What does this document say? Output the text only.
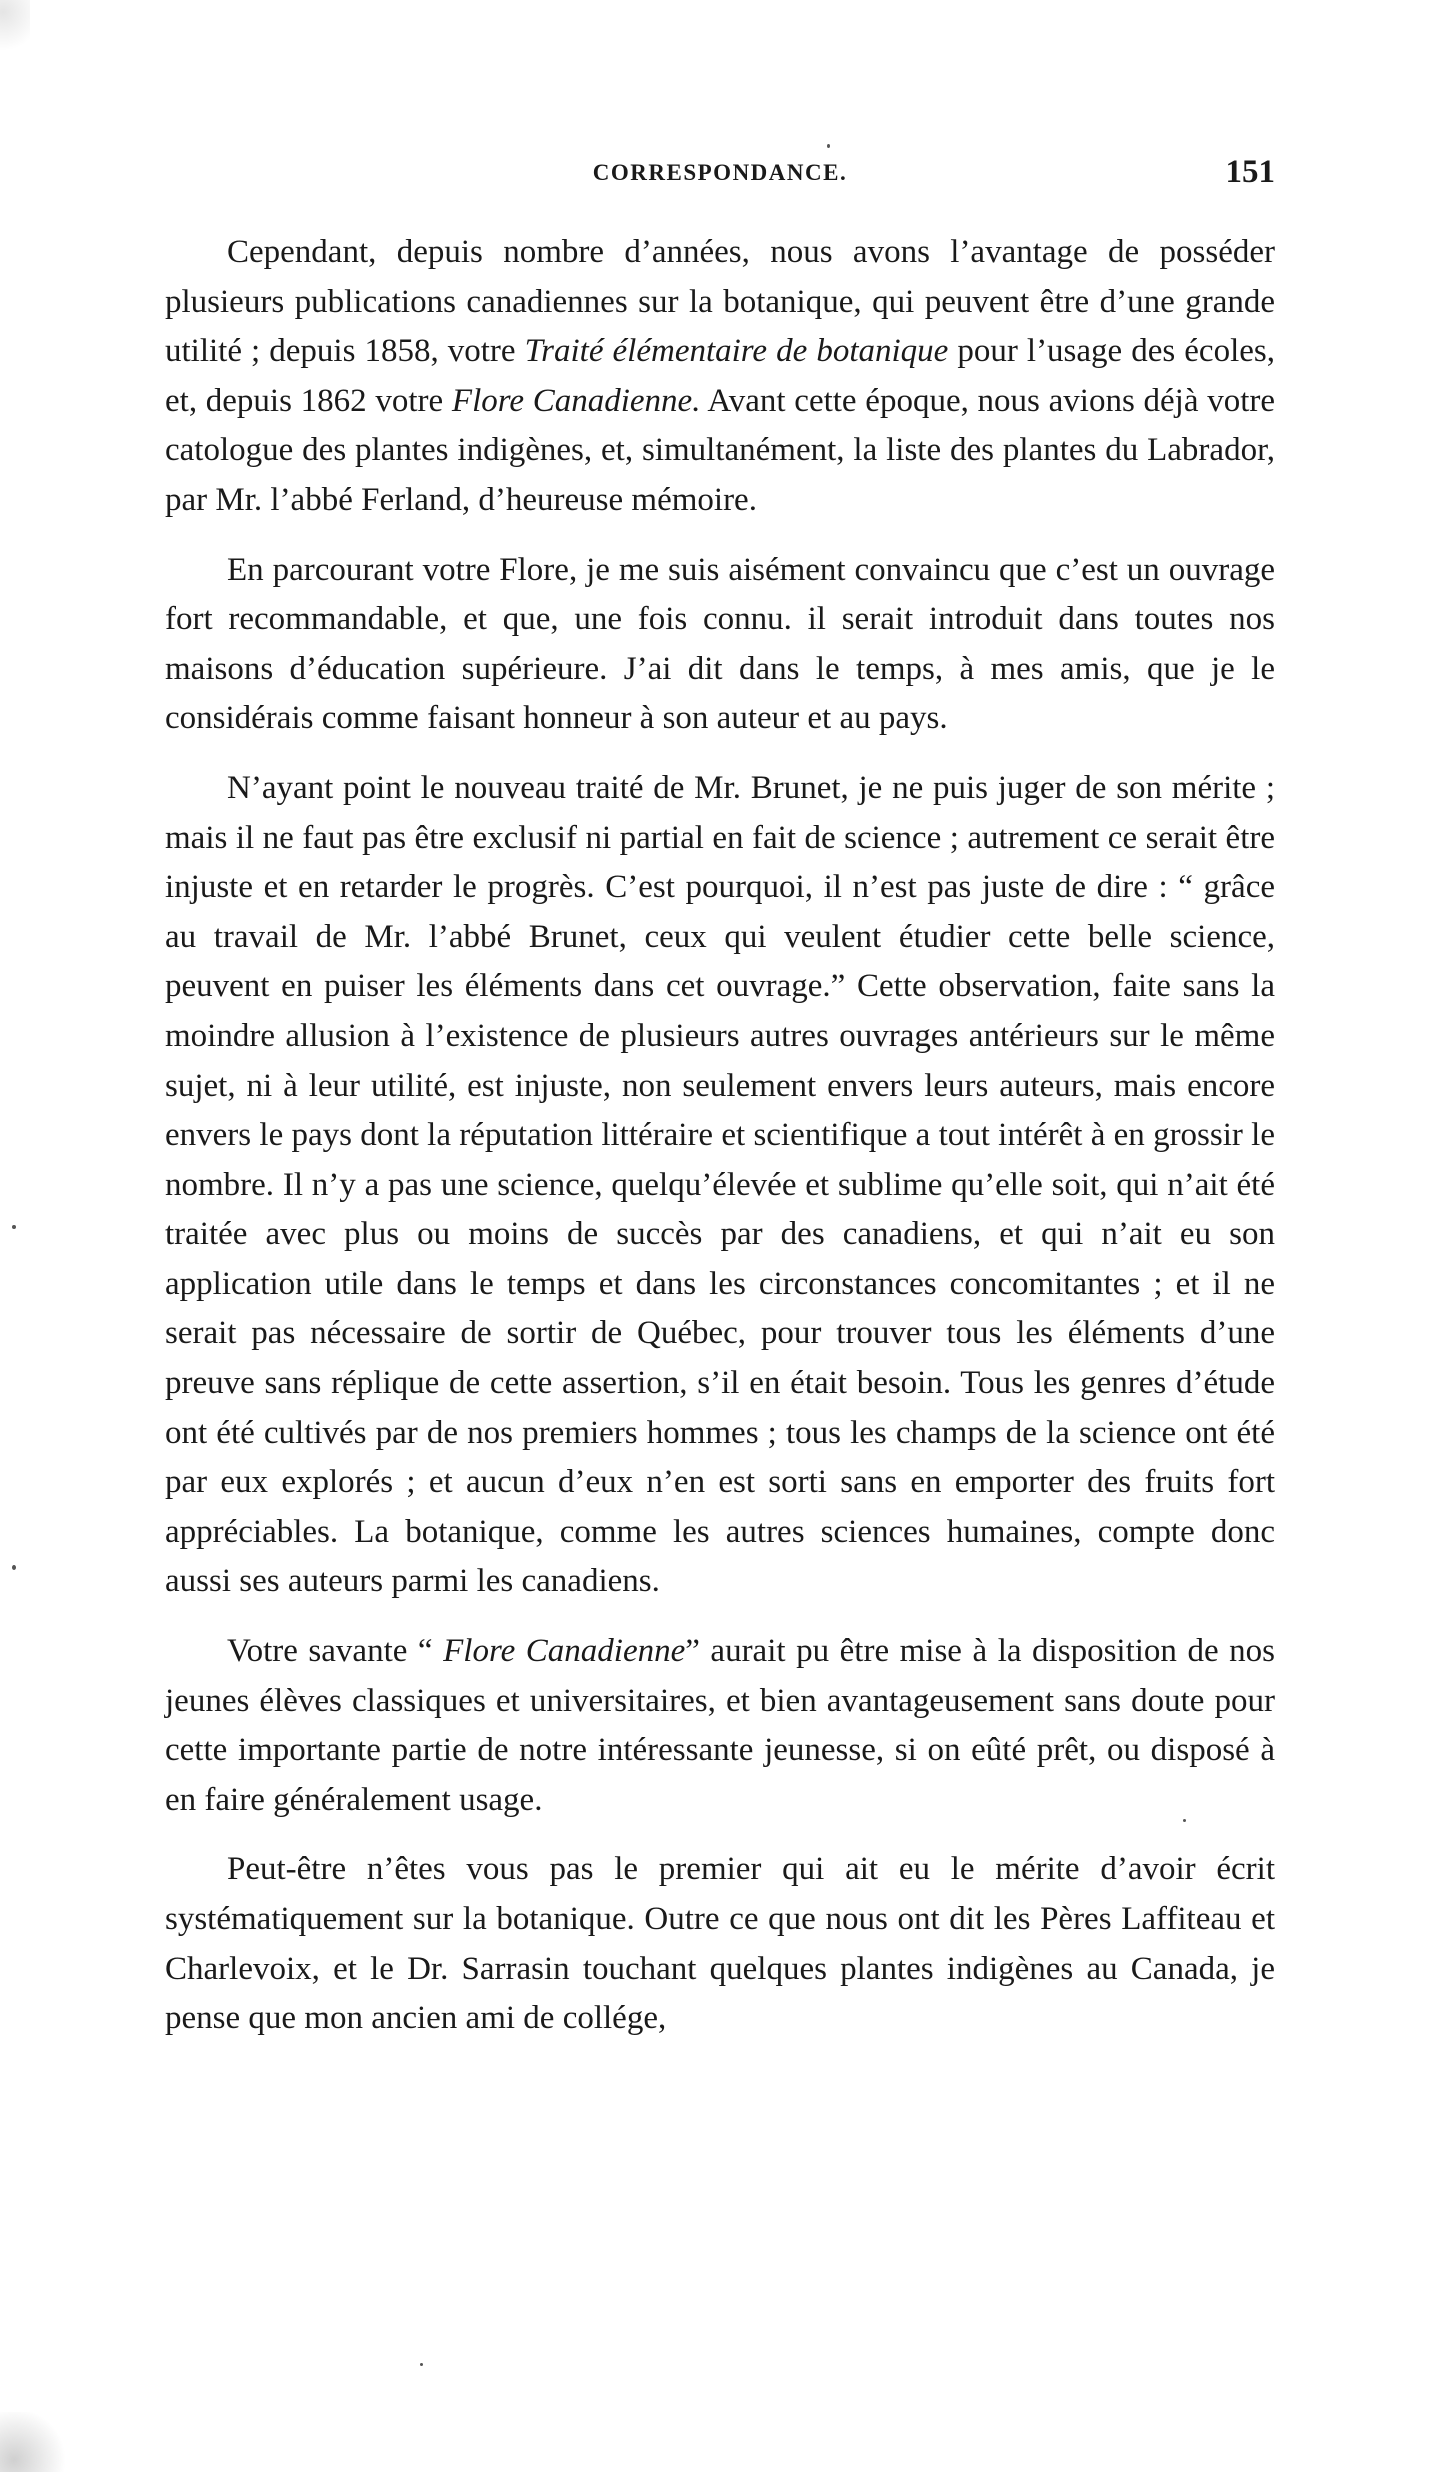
CORRESPONDANCE.	151

Cependant, depuis nombre d’années, nous avons l’avantage de posséder plusieurs publications canadiennes sur la botanique, qui peuvent être d’une grande utilité ; depuis 1858, votre Traité élémentaire de botanique pour l’usage des écoles, et, depuis 1862 votre Flore Canadienne. Avant cette époque, nous avions déjà votre catologue des plantes indigènes, et, simultanément, la liste des plantes du Labrador, par Mr. l’abbé Ferland, d’heureuse mémoire.

En parcourant votre Flore, je me suis aisément convaincu que c’est un ouvrage fort recommandable, et que, une fois connu. il serait introduit dans toutes nos maisons d’éducation supérieure. J’ai dit dans le temps, à mes amis, que je le considérais comme faisant honneur à son auteur et au pays.

N’ayant point le nouveau traité de Mr. Brunet, je ne puis juger de son mérite ; mais il ne faut pas être exclusif ni partial en fait de science ; autrement ce serait être injuste et en retarder le progrès. C’est pourquoi, il n’est pas juste de dire : “ grâce au travail de Mr. l’abbé Brunet, ceux qui veulent étudier cette belle science, peuvent en puiser les éléments dans cet ouvrage.” Cette observation, faite sans la moindre allusion à l’existence de plusieurs autres ouvrages antérieurs sur le même sujet, ni à leur utilité, est injuste, non seulement envers leurs auteurs, mais encore envers le pays dont la réputation littéraire et scientifique a tout intérêt à en grossir le nombre. Il n’y a pas une science, quelqu’élevée et sublime qu’elle soit, qui n’ait été traitée avec plus ou moins de succès par des canadiens, et qui n’ait eu son application utile dans le temps et dans les circonstances concomitantes ; et il ne serait pas nécessaire de sortir de Québec, pour trouver tous les éléments d’une preuve sans réplique de cette assertion, s’il en était besoin. Tous les genres d’étude ont été cultivés par de nos premiers hommes ; tous les champs de la science ont été par eux explorés ; et aucun d’eux n’en est sorti sans en emporter des fruits fort appréciables. La botanique, comme les autres sciences humaines, compte donc aussi ses auteurs parmi les canadiens.

Votre savante “ Flore Canadienne” aurait pu être mise à la disposition de nos jeunes élèves classiques et universitaires, et bien avantageusement sans doute pour cette importante partie de notre intéressante jeunesse, si on eûté prêt, ou disposé à en faire généralement usage.

Peut-être n’êtes vous pas le premier qui ait eu le mérite d’avoir écrit systématiquement sur la botanique. Outre ce que nous ont dit les Pères Laffiteau et Charlevoix, et le Dr. Sarrasin touchant quelques plantes indigènes au Canada, je pense que mon ancien ami de collége,
